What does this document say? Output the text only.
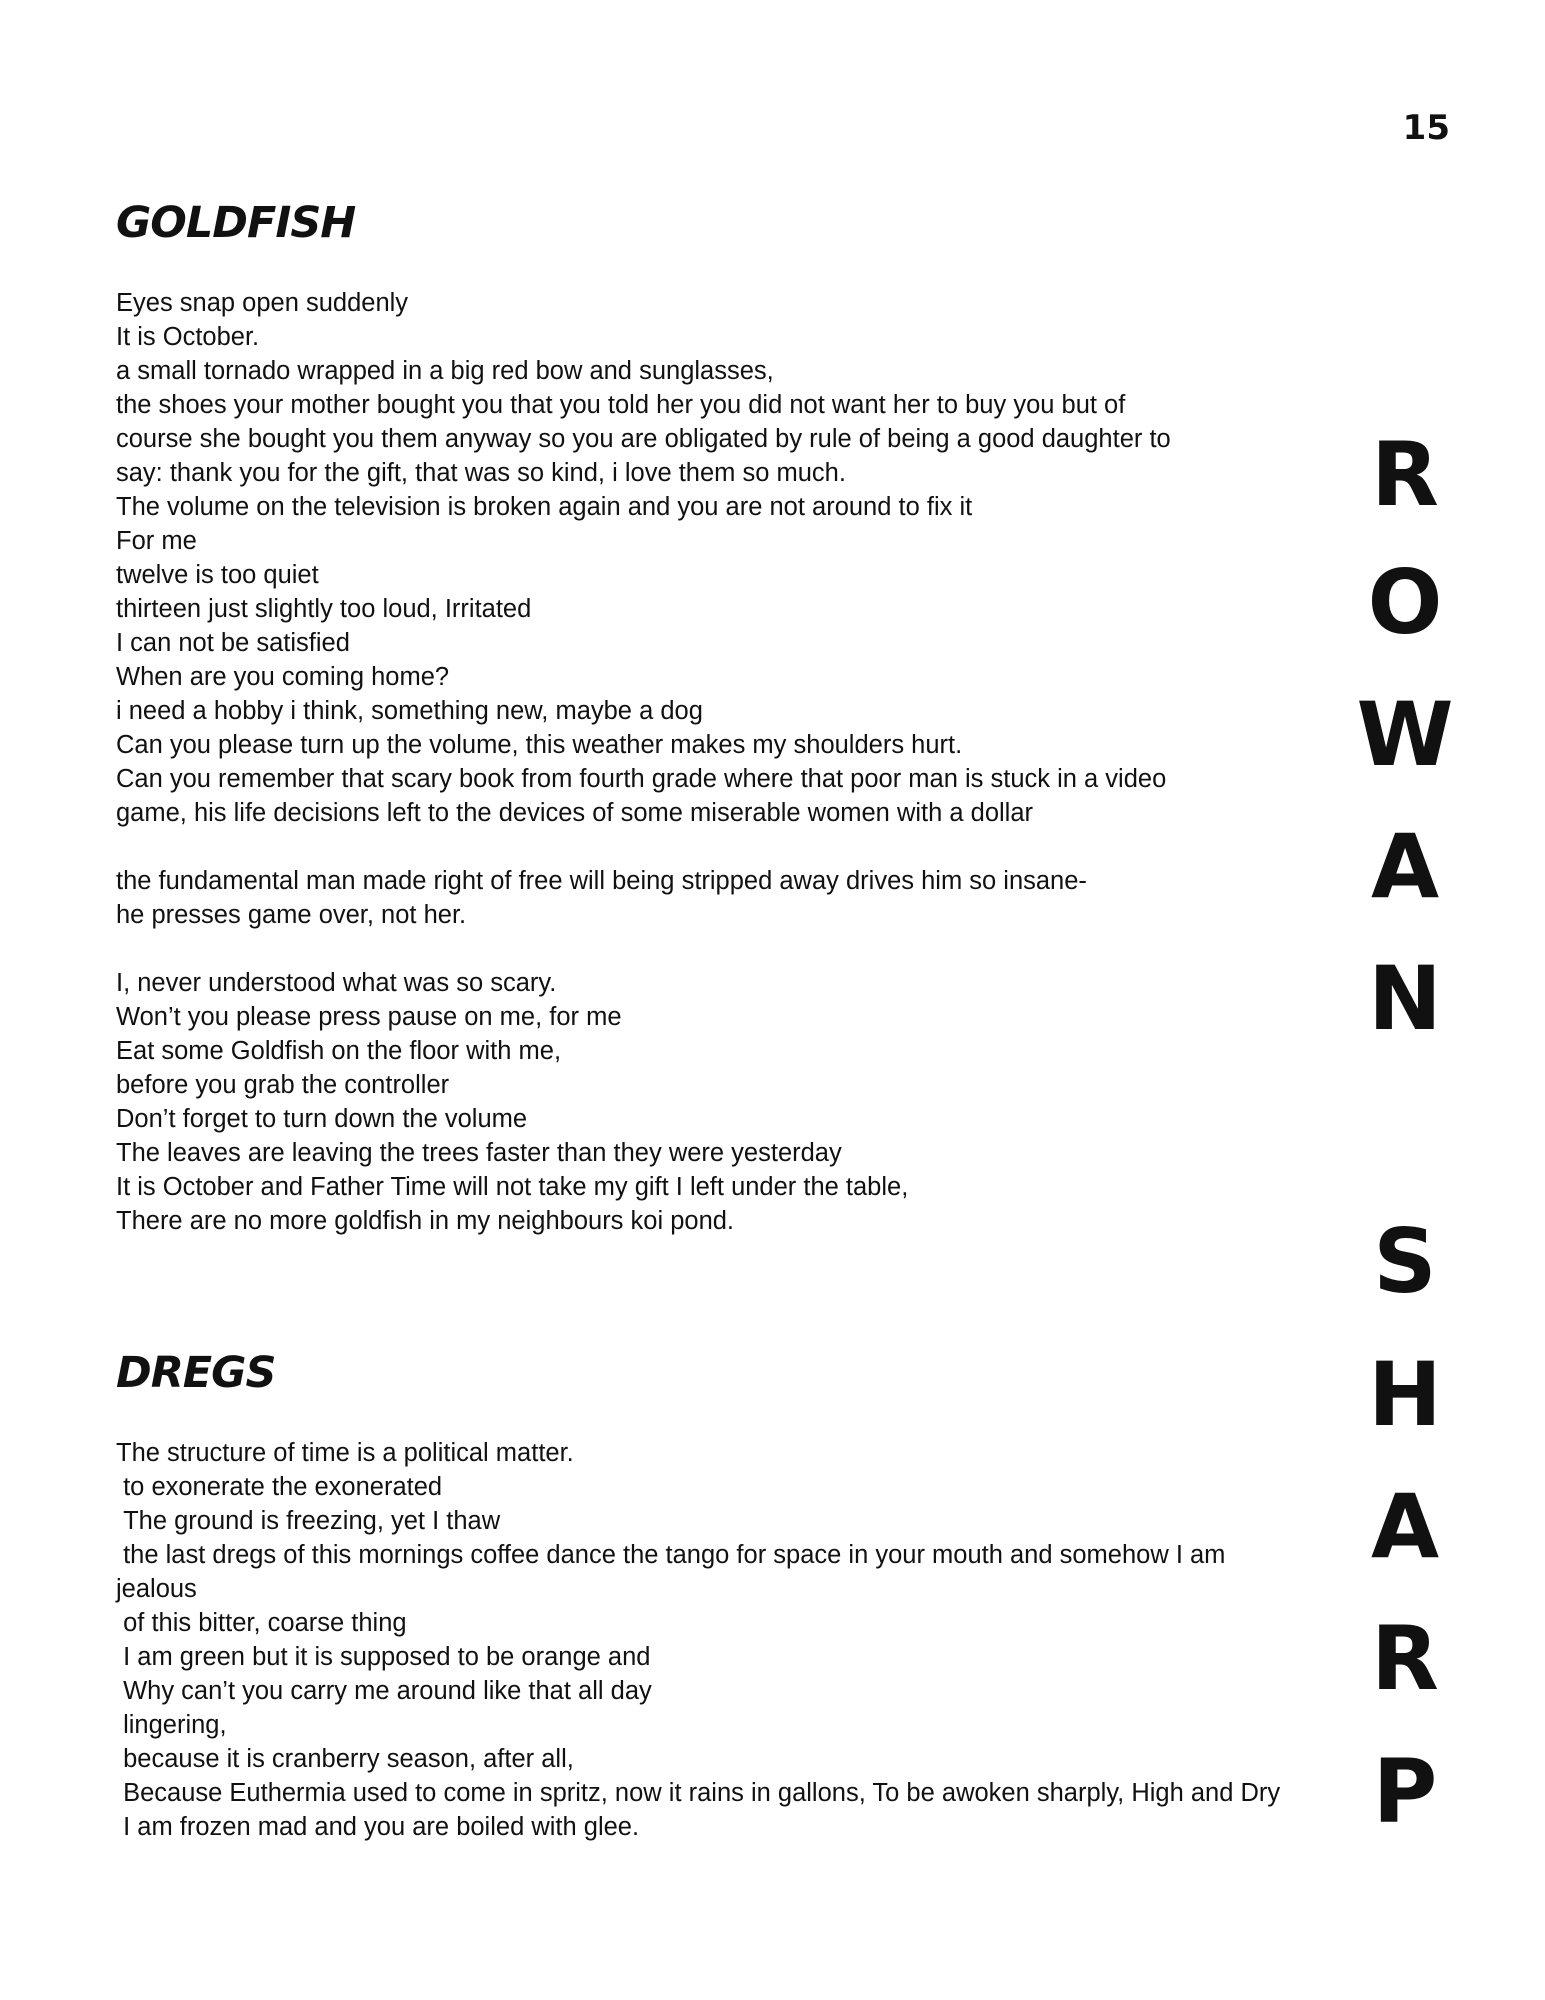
15
GOLDFISH
Eyes snap open suddenly
It is October.
a small tornado wrapped in a big red bow and sunglasses,
the shoes your mother bought you that you told her you did not want her to buy you but of
course she bought you them anyway so you are obligated by rule of being a good daughter to
say: thank you for the gift, that was so kind, i love them so much.
The volume on the television is broken again and you are not around to fix it
For me
twelve is too quiet
thirteen just slightly too loud, Irritated
I can not be satisfied
When are you coming home?
i need a hobby i think, something new, maybe a dog
Can you please turn up the volume, this weather makes my shoulders hurt.
Can you remember that scary book from fourth grade where that poor man is stuck in a video
game, his life decisions left to the devices of some miserable women with a dollar
the fundamental man made right of free will being stripped away drives him so insane-
he presses game over, not her.
I, never understood what was so scary.
Won’t you please press pause on me, for me
Eat some Goldfish on the floor with me,
before you grab the controller
Don’t forget to turn down the volume
The leaves are leaving the trees faster than they were yesterday
It is October and Father Time will not take my gift I left under the table,
There are no more goldfish in my neighbours koi pond.
DREGS
The structure of time is a political matter.
to exonerate the exonerated
The ground is freezing, yet I thaw
the last dregs of this mornings coffee dance the tango for space in your mouth and somehow I am
jealous
of this bitter, coarse thing
I am green but it is supposed to be orange and
Why can’t you carry me around like that all day
lingering,
because it is cranberry season, after all,
Because Euthermia used to come in spritz, now it rains in gallons, To be awoken sharply, High and Dry
I am frozen mad and you are boiled with glee.
R
O
W
A
N
S
H
A
R
P
